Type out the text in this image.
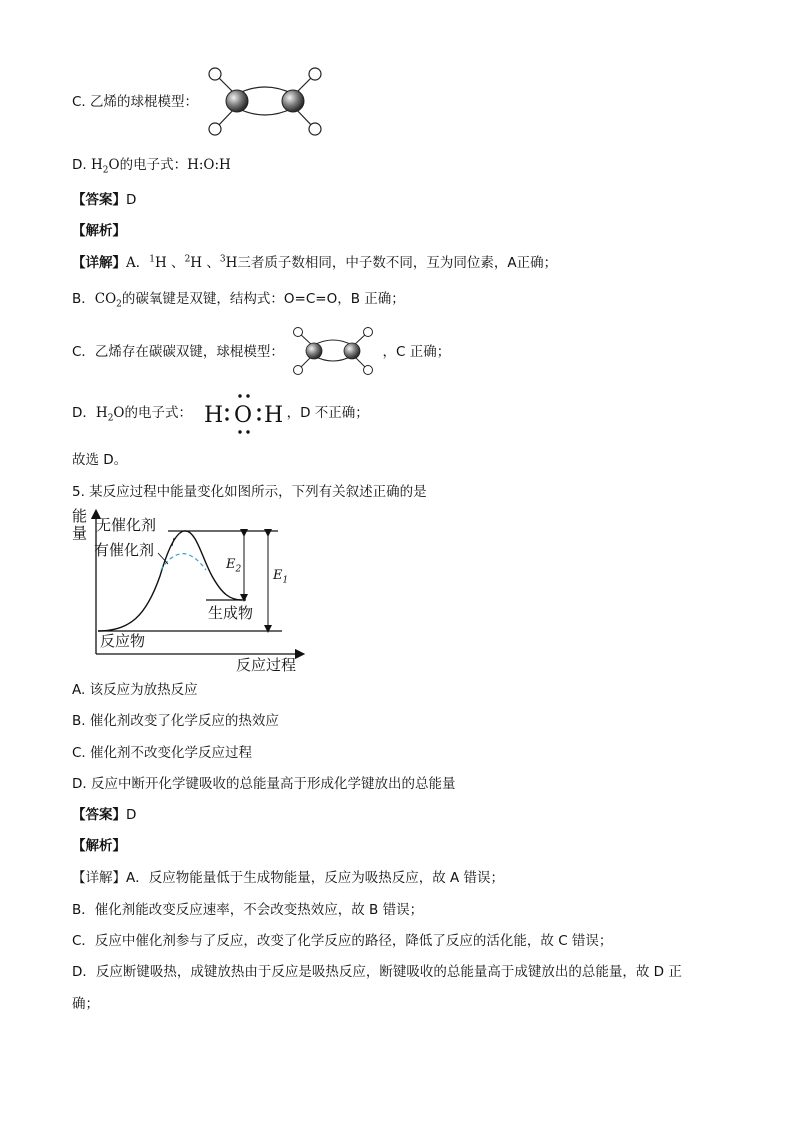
C. 乙烯的球棍模型：
D. $H_2O$的电子式：H:O:H
【答案】D
【解析】
【详解】A．$^1$H 、$^2$H 、$^3$H三者质子数相同，中子数不同，互为同位素，A正确；
B．$CO_2$的碳氧键是双键，结构式：O=C=O，B 正确；
C．乙烯存在碳碳双键，球棍模型：	，C 正确；
D．$H_2O$的电子式：	，D 不正确；
H O H
故选 D。
5. 某反应过程中能量变化如图所示，下列有关叙述正确的是
能
量 无催化剂
有催化剂
生成物
反应物
反应过程
$E_2$ $E_1$
A. 该反应为放热反应
B. 催化剂改变了化学反应的热效应
C. 催化剂不改变化学反应过程
D. 反应中断开化学键吸收的总能量高于形成化学键放出的总能量
【答案】D
【解析】
【详解】A．反应物能量低于生成物能量，反应为吸热反应，故 A 错误；
B．催化剂能改变反应速率，不会改变热效应，故 B 错误；
C．反应中催化剂参与了反应，改变了化学反应的路径，降低了反应的活化能，故 C 错误；
D．反应断键吸热，成键放热由于反应是吸热反应，断键吸收的总能量高于成键放出的总能量，故 D 正
确；
